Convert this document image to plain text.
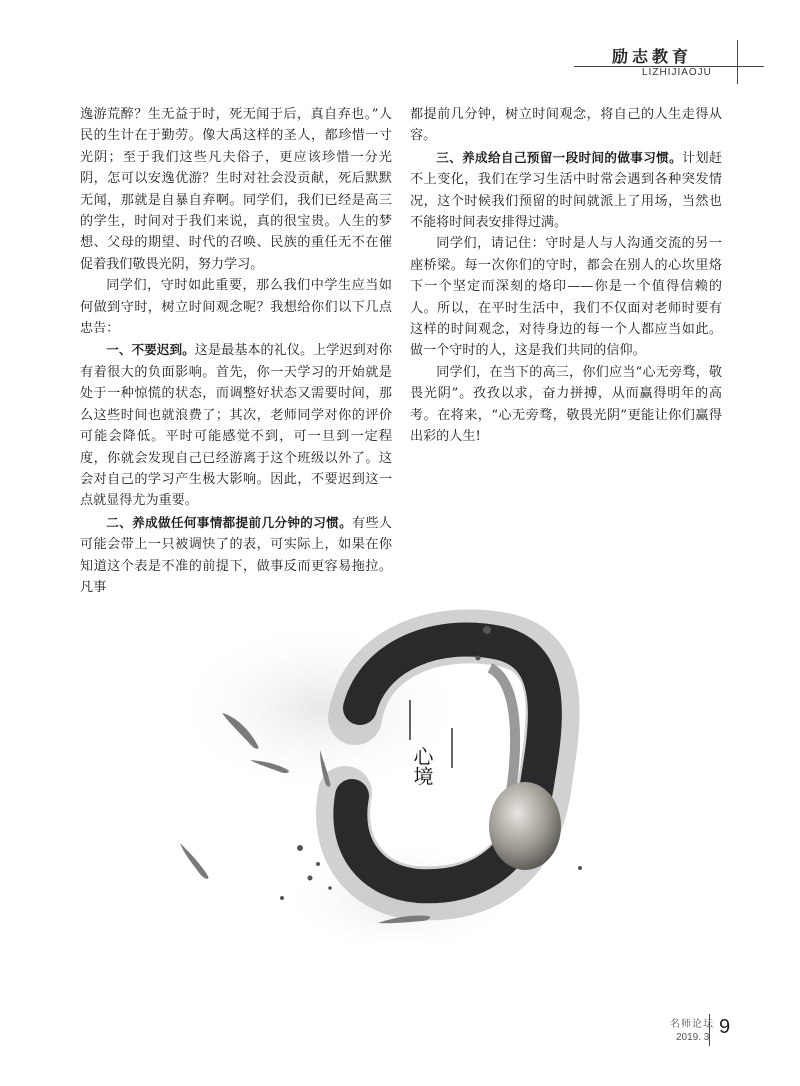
励志教育
LIZHIJIAOJU

逸游荒醉？生无益于时，死无闻于后，真自弃也。”人民的生计在于勤劳。像大禹这样的圣人，都珍惜一寸光阴；至于我们这些凡夫俗子，更应该珍惜一分光阴，怎可以安逸优游？生时对社会没贡献，死后默默无闻，那就是自暴自弃啊。同学们，我们已经是高三的学生，时间对于我们来说，真的很宝贵。人生的梦想、父母的期望、时代的召唤、民族的重任无不在催促着我们敬畏光阴，努力学习。

同学们，守时如此重要，那么我们中学生应当如何做到守时，树立时间观念呢？我想给你们以下几点忠告：

一、不要迟到。这是最基本的礼仪。上学迟到对你有着很大的负面影响。首先，你一天学习的开始就是处于一种惊慌的状态，而调整好状态又需要时间，那么这些时间也就浪费了；其次，老师同学对你的评价可能会降低。平时可能感觉不到，可一旦到一定程度，你就会发现自己已经游离于这个班级以外了。这会对自己的学习产生极大影响。因此，不要迟到这一点就显得尤为重要。

二、养成做任何事情都提前几分钟的习惯。有些人可能会带上一只被调快了的表，可实际上，如果在你知道这个表是不准的前提下，做事反而更容易拖拉。凡事

都提前几分钟，树立时间观念，将自己的人生走得从容。

三、养成给自己预留一段时间的做事习惯。计划赶不上变化，我们在学习生活中时常会遇到各种突发情况，这个时候我们预留的时间就派上了用场，当然也不能将时间表安排得过满。

同学们，请记住：守时是人与人沟通交流的另一座桥梁。每一次你们的守时，都会在别人的心坎里烙下一个坚定而深刻的烙印——你是一个值得信赖的人。所以，在平时生活中，我们不仅面对老师时要有这样的时间观念，对待身边的每一个人都应当如此。做一个守时的人，这是我们共同的信仰。

同学们，在当下的高三，你们应当“心无旁骛，敬畏光阴”。孜孜以求，奋力拼搏，从而赢得明年的高考。在将来，“心无旁骛，敬畏光阴”更能让你们赢得出彩的人生!

心境
名师论坛
2019. 3 9
